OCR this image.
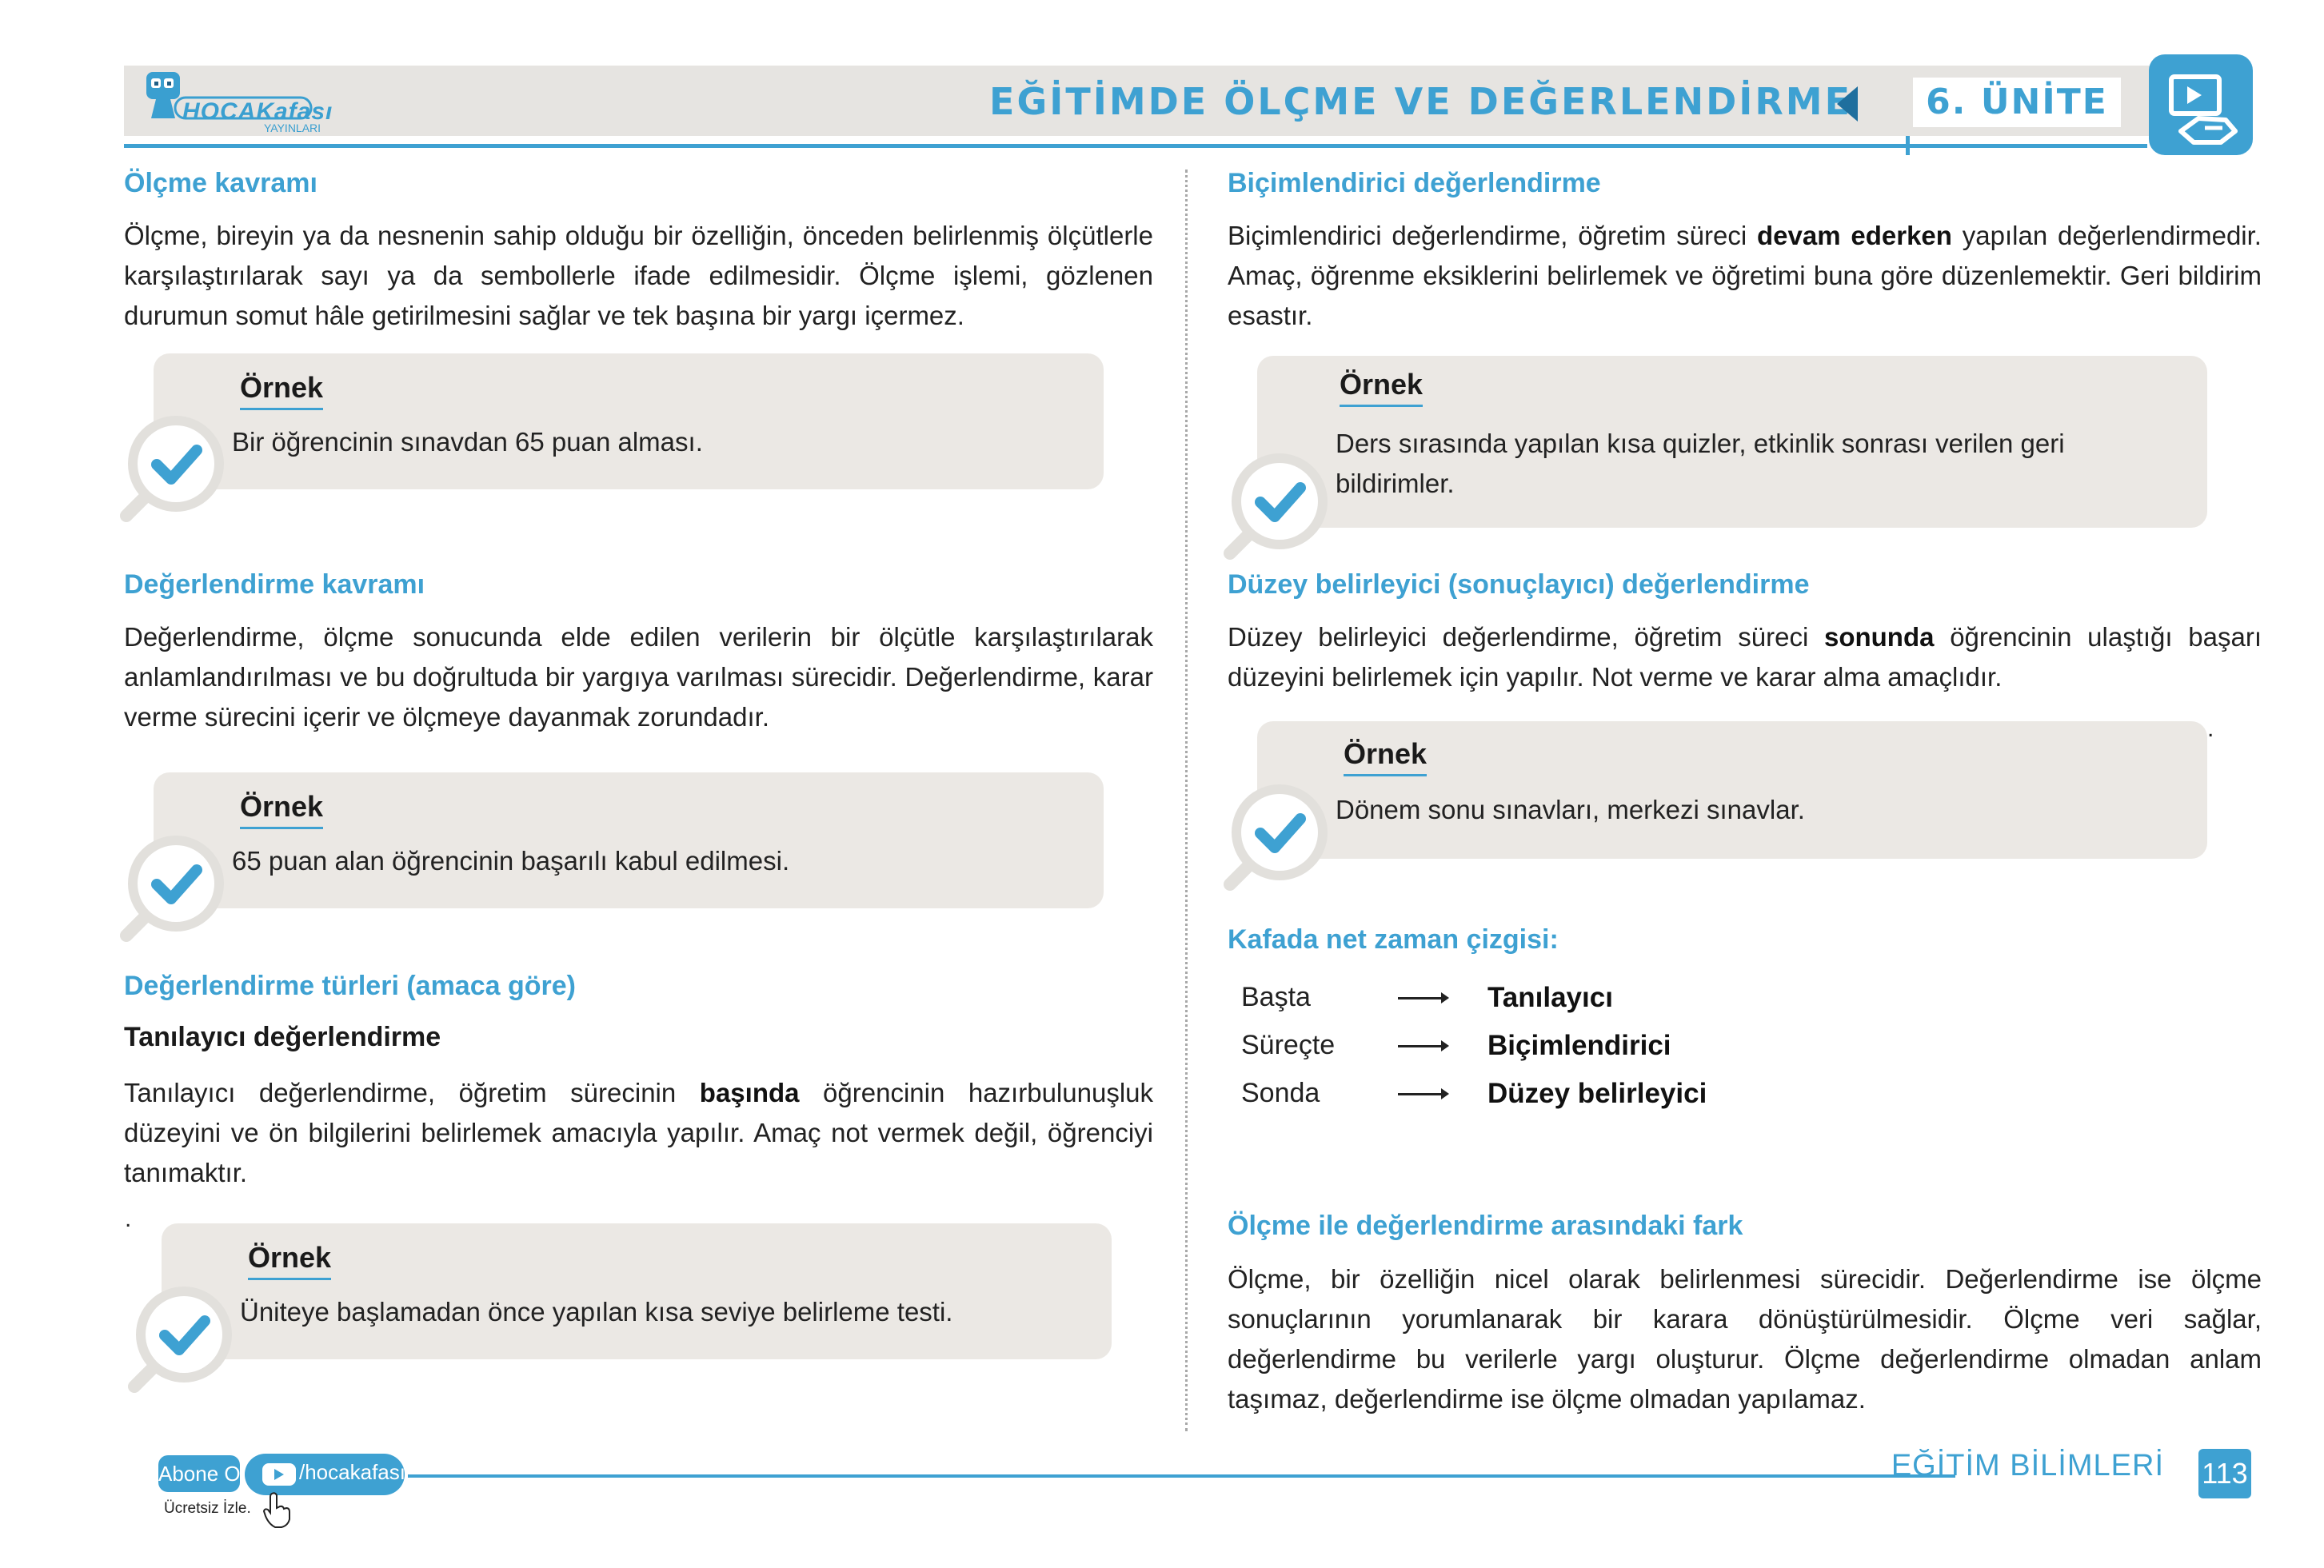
HOCAKafası
YAYINLARI
EĞİTİMDE ÖLÇME VE DEĞERLENDİRME	6. ÜNİTE
Ölçme kavramı
Ölçme, bireyin ya da nesnenin sahip olduğu bir özelliğin, önceden belirlenmiş ölçütlerle karşılaştırılarak sayı ya da sembollerle ifade edilmesidir. Ölçme işlemi, gözlenen durumun somut hâle getirilmesini sağlar ve tek başına bir yargı içermez.
Örnek
Bir öğrencinin sınavdan 65 puan alması.
Değerlendirme kavramı
Değerlendirme, ölçme sonucunda elde edilen verilerin bir ölçütle karşılaştırılarak anlamlandırılması ve bu doğrultuda bir yargıya varılması sürecidir. Değerlendirme, karar verme sürecini içerir ve ölçmeye dayanmak zorundadır.
Örnek
65 puan alan öğrencinin başarılı kabul edilmesi.
Değerlendirme türleri (amaca göre)
Tanılayıcı değerlendirme
Tanılayıcı değerlendirme, öğretim sürecinin başında öğrencinin hazırbulunuşluk düzeyini ve ön bilgilerini belirlemek amacıyla yapılır. Amaç not vermek değil, öğrenciyi tanımaktır.
.
Örnek
Üniteye başlamadan önce yapılan kısa seviye belirleme testi.
Biçimlendirici değerlendirme
Biçimlendirici değerlendirme, öğretim süreci devam ederken yapılan değerlendirmedir. Amaç, öğrenme eksiklerini belirlemek ve öğretimi buna göre düzenlemektir. Geri bildirim esastır.
Örnek
Ders sırasında yapılan kısa quizler, etkinlik sonrası verilen geri bildirimler.
Düzey belirleyici (sonuçlayıcı) değerlendirme
Düzey belirleyici değerlendirme, öğretim süreci sonunda öğrencinin ulaştığı başarı düzeyini belirlemek için yapılır. Not verme ve karar alma amaçlıdır.
.
Örnek
Dönem sonu sınavları, merkezi sınavlar.
Kafada net zaman çizgisi:
Başta	Tanılayıcı
Süreçte	Biçimlendirici
Sonda	Düzey belirleyici
Ölçme ile değerlendirme arasındaki fark
Ölçme, bir özelliğin nicel olarak belirlenmesi sürecidir. Değerlendirme ise ölçme sonuçlarının yorumlanarak bir karara dönüştürülmesidir. Ölçme veri sağlar, değerlendirme bu verilerle yargı oluşturur. Ölçme değerlendirme olmadan anlam taşımaz, değerlendirme ise ölçme olmadan yapılamaz.
Abone Ol	/hocakafası
Ücretsiz İzle.
EĞİTİM BİLİMLERİ 113
